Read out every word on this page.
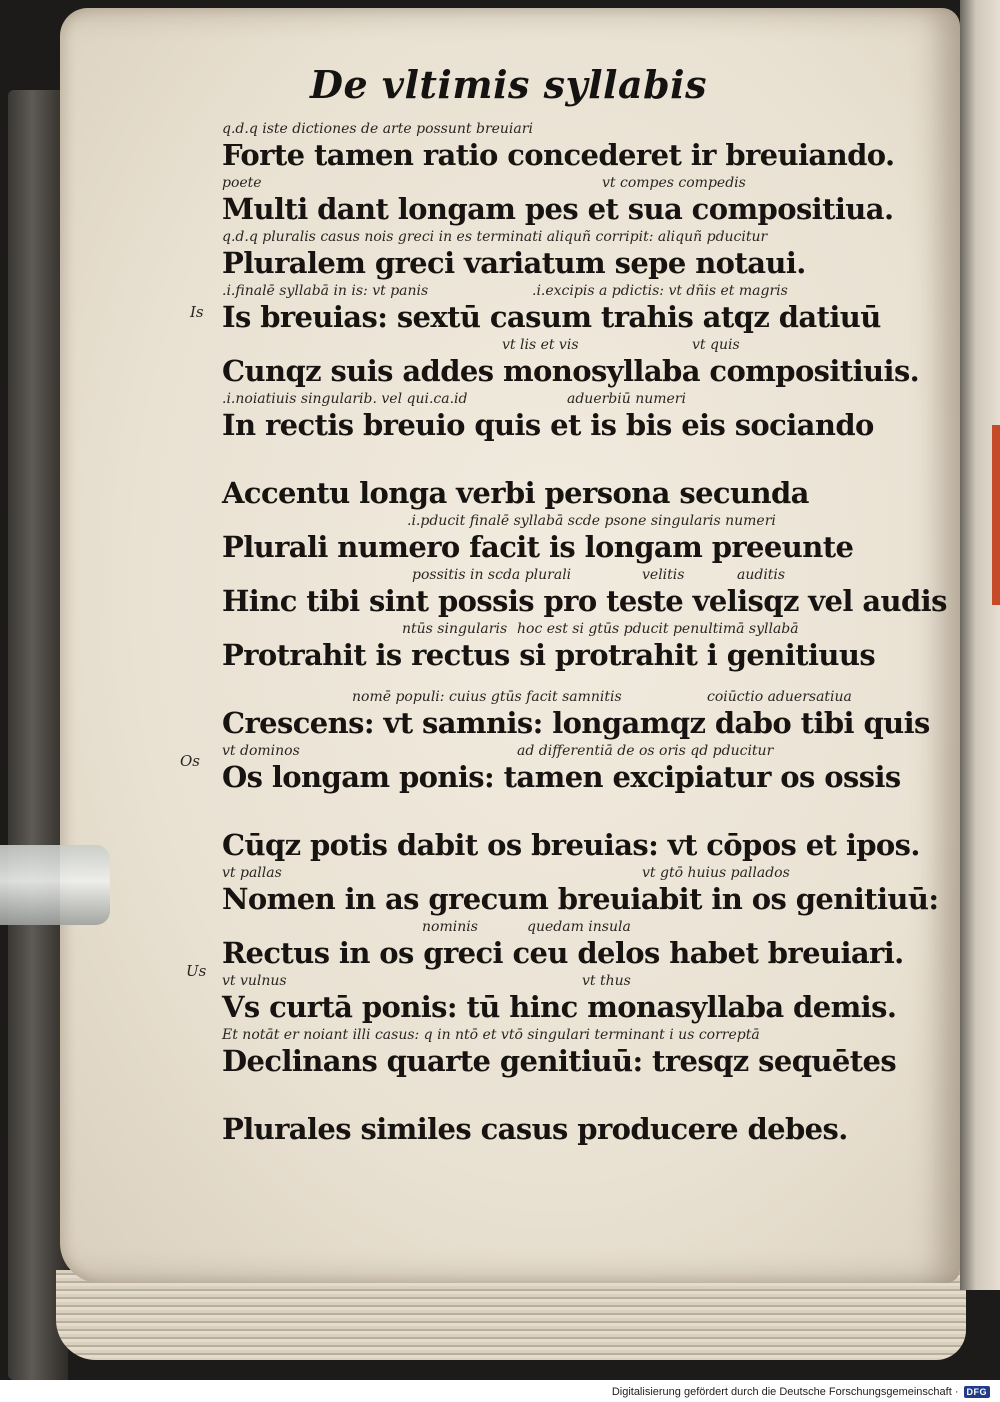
De vltimis syllabis
Is
Os
Us
q.d.q iste dictiones de arte possunt breuiari
Forte tamen ratio concederet ir breuiando.
poete	vt compes compedis
Multi dant longam pes et sua compositiua.
q.d.q pluralis casus nois greci in es terminati aliquñ corripit: aliquñ pducitur
Pluralem greci variatum sepe notaui.
.i.finalē syllabā in is: vt panis	.i.excipis a pdictis: vt dñis et magris
Is breuias: sextū casum trahis atqz datiuū
vt lis et vis	vt quis
Cunqz suis addes monosyllaba compositiuis.
.i.noiatiuis singularib. vel qui.ca.id	aduerbiū numeri
In rectis breuio quis et is bis eis sociando
Accentu longa verbi persona secunda
.i.pducit finalē syllabā scde psone singularis numeri
Plurali numero facit is longam preeunte
possitis in scda plurali	velitis	auditis
Hinc tibi sint possis pro teste velisqz vel audis
ntūs singularis hoc est si gtūs pducit penultimā syllabā
Protrahit is rectus si protrahit i genitiuus
nomē populi: cuius gtūs facit samnitis	coiūctio aduersatiua
Crescens: vt samnis: longamqz dabo tibi quis
vt dominos	ad differentiā de os oris qd pducitur
Os longam ponis: tamen excipiatur os ossis
Cūqz potis dabit os breuias: vt cōpos et ipos.
vt pallas	vt gtō huius pallados
Nomen in as grecum breuiabit in os genitiuū:
nominis	quedam insula
Rectus in os greci ceu delos habet breuiari.
vt vulnus	vt thus
Vs curtā ponis: tū hinc monasyllaba demis.
Et notāt er noiant illi casus: q in ntō et vtō singulari terminant i us correptā
Declinans quarte genitiuū: tresqz sequētes
Plurales similes casus producere debes.
Digitalisierung gefördert durch die Deutsche Forschungsgemeinschaft · DFG
